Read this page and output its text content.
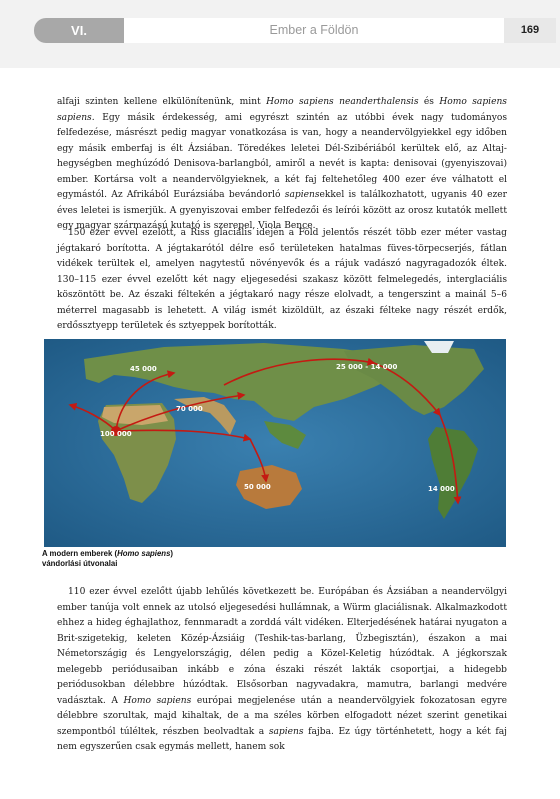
VI.	Ember a Földön	169
alfaji szinten kellene elkülönítenünk, mint Homo sapiens neanderthalensis és Homo sapiens sapiens. Egy másik érdekesség, ami egyrészt szintén az utóbbi évek nagy tudományos felfedezése, másrészt pedig magyar vonatkozása is van, hogy a neandervölgyiekkel egy időben egy másik emberfaj is élt Ázsiában. Töredékes leletei Dél-Szibériából kerültek elő, az Altaj-hegységben meghúzódó Denisova-barlangból, amiről a nevét is kapta: denisovai (gyenyiszovai) ember. Kortársa volt a neandervölgyieknek, a két faj feltehetőleg 400 ezer éve válhatott el egymástól. Az Afrikából Eurázsiába bevándorló sapiensekkel is találkozhatott, ugyanis 40 ezer éves leletei is ismerjük. A gyenyiszovai ember felfedezői és leírói között az orosz kutatók mellett egy magyar származású kutató is szerepel, Viola Bence.
150 ezer évvel ezelőtt, a Riss glaciális idején a Föld jelentős részét több ezer méter vastag jégtakaró borította. A jégtakarótól délre eső területeken hatalmas füves-törpecserjés, fátlan vidékek terültek el, amelyen nagytestű növényevők és a rájuk vadászó nagyragadozók éltek. 130–115 ezer évvel ezelőtt két nagy eljegesedési szakasz között felmelegedés, interglaciális köszöntött be. Az északi féltekén a jégtakaró nagy része elolvadt, a tengerszint a mainál 5–6 méterrel magasabb is lehetett. A világ ismét kizöldült, az északi félteke nagy részét erdők, erdőssztyepp területek és sztyeppek borították.
45 000
70 000
100 000
25 000 - 14 000
50 000	14 000
A modern emberek (Homo sapiens)
vándorlási útvonalai
110 ezer évvel ezelőtt újabb lehűlés következett be. Európában és Ázsiában a neandervölgyi ember tanúja volt ennek az utolsó eljegesedési hullámnak, a Würm glaciálisnak. Alkalmazkodott ehhez a hideg éghajlathoz, fennmaradt a zorddá vált vidéken. Elterjedésének határai nyugaton a Brit-szigetekig, keleten Közép-Ázsiáig (Teshik-tas-barlang, Üzbegisztán), északon a mai Németországig és Lengyelországig, délen pedig a Közel-Keletig húzódtak. A jégkorszak melegebb periódusaiban inkább e zóna északi részét lakták csoportjai, a hidegebb periódusokban délebbre húzódtak. Elsősorban nagyvadakra, mamutra, barlangi medvére vadásztak. A Homo sapiens európai megjelenése után a neandervölgyiek fokozatosan egyre délebbre szorultak, majd kihaltak, de a ma széles körben elfogadott nézet szerint genetikai szempontból túléltek, részben beolvadtak a sapiens fajba. Ez úgy történhetett, hogy a két faj nem egyszerűen csak egymás mellett, hanem sok
